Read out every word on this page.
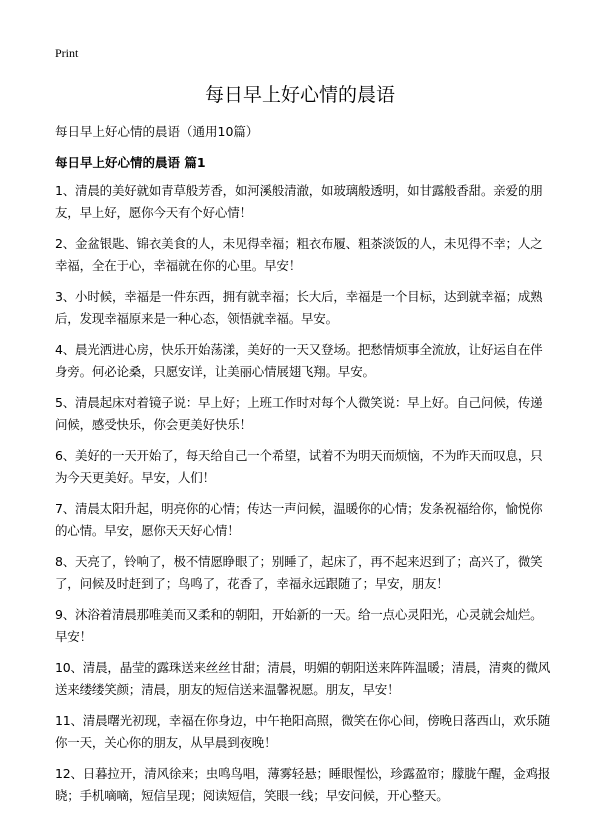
Print
每日早上好心情的晨语

每日早上好心情的晨语（通用10篇）

每日早上好心情的晨语 篇1

1、清晨的美好就如青草般芳香，如河溪般清澈，如玻璃般透明，如甘露般香甜。亲爱的朋友，早上好，愿你今天有个好心情！

2、金盆银匙、锦衣美食的人，未见得幸福；粗衣布履、粗茶淡饭的人，未见得不幸；人之幸福，全在于心，幸福就在你的心里。早安！

3、小时候，幸福是一件东西，拥有就幸福；长大后，幸福是一个目标，达到就幸福；成熟后，发现幸福原来是一种心态，领悟就幸福。早安。

4、晨光洒进心房，快乐开始荡漾，美好的一天又登场。把愁情烦事全流放，让好运自在伴身旁。何必论桑，只愿安详，让美丽心情展翅飞翔。早安。

5、清晨起床对着镜子说：早上好；上班工作时对每个人微笑说：早上好。自己问候，传递问候，感受快乐，你会更美好快乐！

6、美好的一天开始了，每天给自己一个希望，试着不为明天而烦恼，不为昨天而叹息，只为今天更美好。早安，人们！

7、清晨太阳升起，明亮你的心情；传达一声问候，温暖你的心情；发条祝福给你，愉悦你的心情。早安，愿你天天好心情！

8、天亮了，铃响了，极不情愿睁眼了；别睡了，起床了，再不起来迟到了；高兴了，微笑了，问候及时赶到了；鸟鸣了，花香了，幸福永远跟随了；早安，朋友！

9、沐浴着清晨那唯美而又柔和的朝阳，开始新的一天。给一点心灵阳光，心灵就会灿烂。早安！

10、清晨，晶莹的露珠送来丝丝甘甜；清晨，明媚的朝阳送来阵阵温暖；清晨，清爽的微风送来缕缕笑颜；清晨，朋友的短信送来温馨祝愿。朋友，早安！

11、清晨曙光初现，幸福在你身边，中午艳阳高照，微笑在你心间，傍晚日落西山，欢乐随你一天，关心你的朋友，从早晨到夜晚！

12、日暮拉开，清风徐来；虫鸣鸟唱，薄雾轻悬；睡眼惺忪，珍露盈帘；朦胧午醒，金鸡报晓；手机嘀嘀，短信呈现；阅读短信，笑眼一线；早安问候，开心整天。
